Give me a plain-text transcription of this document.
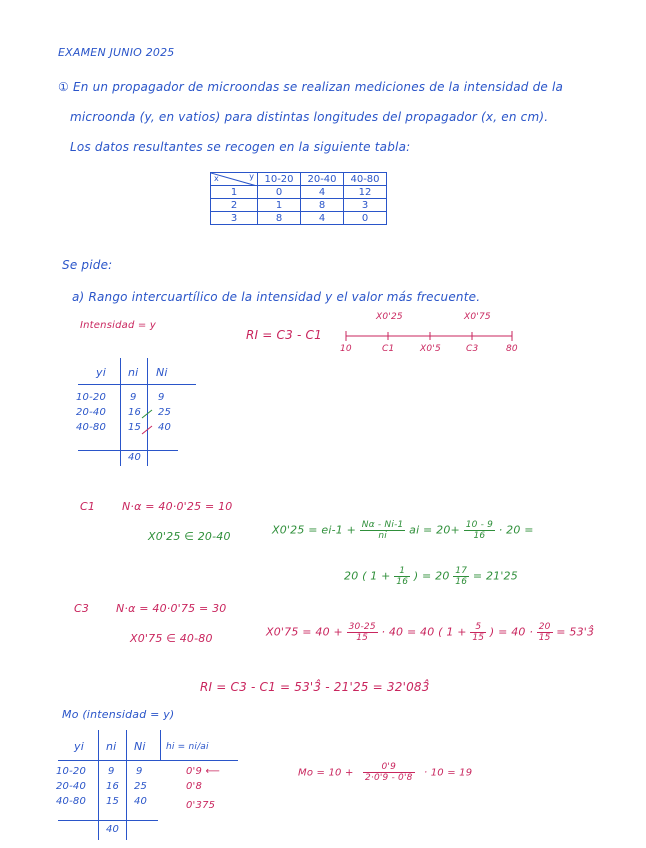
EXAMEN JUNIO 2025
① En un propagador de microondas se realizan mediciones de la intensidad de la
microonda (y, en vatios) para distintas longitudes del propagador (x, en cm).
Los datos resultantes se recogen en la siguiente tabla:
x y	10-20	20-40	40-80
1	0	4	12
2	1	8	3
3	8	4	0
Se pide:
a) Rango intercuartílico de la intensidad y el valor más frecuente.
Intensidad = y
RI = C3 - C1
X0'25	X0'75
10	C1	X0'5	C3	80
yi ni Ni
10-20 9 9
20-40 16 25
40-80 15 40
40
C1 N·α = 40·0'25 = 10
X0'25 ∈ 20-40	$X0'25 = ei-1 + \frac{N\alpha - Ni-1}{ni}$ ai = $20+ \frac{10 - 9}{16} \cdot 20$ =
20 ( $1 + \frac{1}{16}$ ) = $20 \frac{17}{16} = 21'25$
C3 N·α = 40·0'75 = 30
X0'75 ∈ 40-80	$X0'75 = 40 + \frac{30-25}{15} \cdot 40 = 40$ ( $1 + \frac{5}{15}$ ) = $40 \cdot \frac{20}{15}$ = 53'3̂
RI = C3 - C1 = 53'3̂ - 21'25 = 32'083̂
Mo (intensidad = y)
yi ni Ni hi = ni/ai
10-20 9 9	0'9 ⟵
20-40 16 25	0'8
40-80 15 40	0'375
40
$Mo = 10 + \frac{0'9}{2\cdot 0'9 - 0'8} \cdot 10 = 19$
